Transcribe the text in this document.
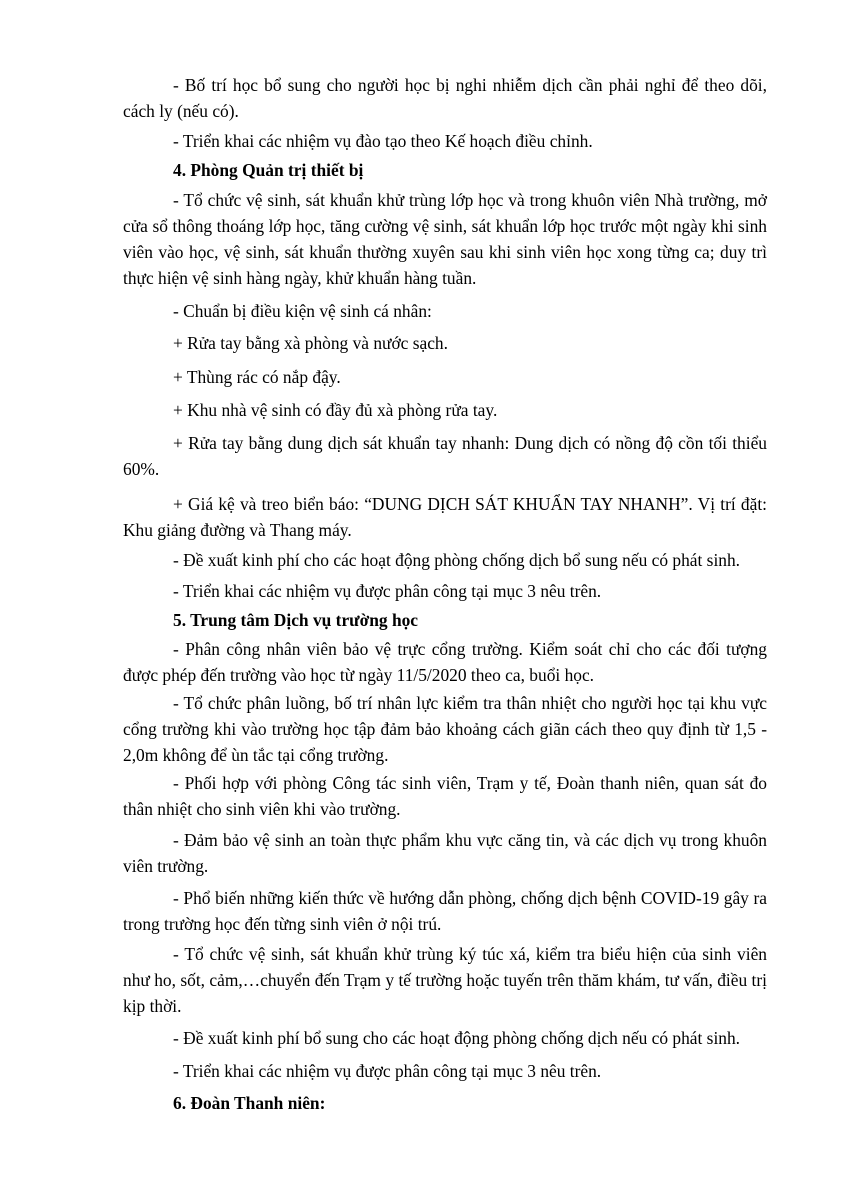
- Bố trí học bổ sung cho người học bị nghi nhiễm dịch cần phải nghỉ để theo dõi, cách ly (nếu có).

- Triển khai các nhiệm vụ đào tạo theo Kế hoạch điều chỉnh.

4. Phòng Quản trị thiết bị

- Tổ chức vệ sinh, sát khuẩn khử trùng lớp học và trong khuôn viên Nhà trường, mở cửa sổ thông thoáng lớp học, tăng cường vệ sinh, sát khuẩn lớp học trước một ngày khi sinh viên vào học, vệ sinh, sát khuẩn thường xuyên sau khi sinh viên học xong từng ca; duy trì thực hiện vệ sinh hàng ngày, khử khuẩn hàng tuần.

- Chuẩn bị điều kiện vệ sinh cá nhân:

+ Rửa tay bằng xà phòng và nước sạch.

+ Thùng rác có nắp đậy.

+ Khu nhà vệ sinh có đầy đủ xà phòng rửa tay.

+ Rửa tay bằng dung dịch sát khuẩn tay nhanh: Dung dịch có nồng độ cồn tối thiểu 60%.

+ Giá kệ và treo biển báo: “DUNG DỊCH SÁT KHUẨN TAY NHANH”. Vị trí đặt: Khu giảng đường và Thang máy.

- Đề xuất kinh phí cho các hoạt động phòng chống dịch bổ sung nếu có phát sinh.

- Triển khai các nhiệm vụ được phân công tại mục 3 nêu trên.

5. Trung tâm Dịch vụ trường học

- Phân công nhân viên bảo vệ trực cổng trường. Kiểm soát chỉ cho các đối tượng được phép đến trường vào học từ ngày 11/5/2020 theo ca, buổi học.

- Tổ chức phân luồng, bố trí nhân lực kiểm tra thân nhiệt cho người học tại khu vực cổng trường khi vào trường học tập đảm bảo khoảng cách giãn cách theo quy định từ 1,5 - 2,0m không để ùn tắc tại cổng trường.

- Phối hợp với phòng Công tác sinh viên, Trạm y tế, Đoàn thanh niên, quan sát đo thân nhiệt cho sinh viên khi vào trường.

- Đảm bảo vệ sinh an toàn thực phẩm khu vực căng tin, và các dịch vụ trong khuôn viên trường.

- Phổ biến những kiến thức về hướng dẫn phòng, chống dịch bệnh COVID-19 gây ra trong trường học đến từng sinh viên ở nội trú.

- Tổ chức vệ sinh, sát khuẩn khử trùng ký túc xá, kiểm tra biểu hiện của sinh viên như ho, sốt, cảm,…chuyển đến Trạm y tế trường hoặc tuyến trên thăm khám, tư vấn, điều trị kịp thời.

- Đề xuất kinh phí bổ sung cho các hoạt động phòng chống dịch nếu có phát sinh.

- Triển khai các nhiệm vụ được phân công tại mục 3 nêu trên.

6. Đoàn Thanh niên:
